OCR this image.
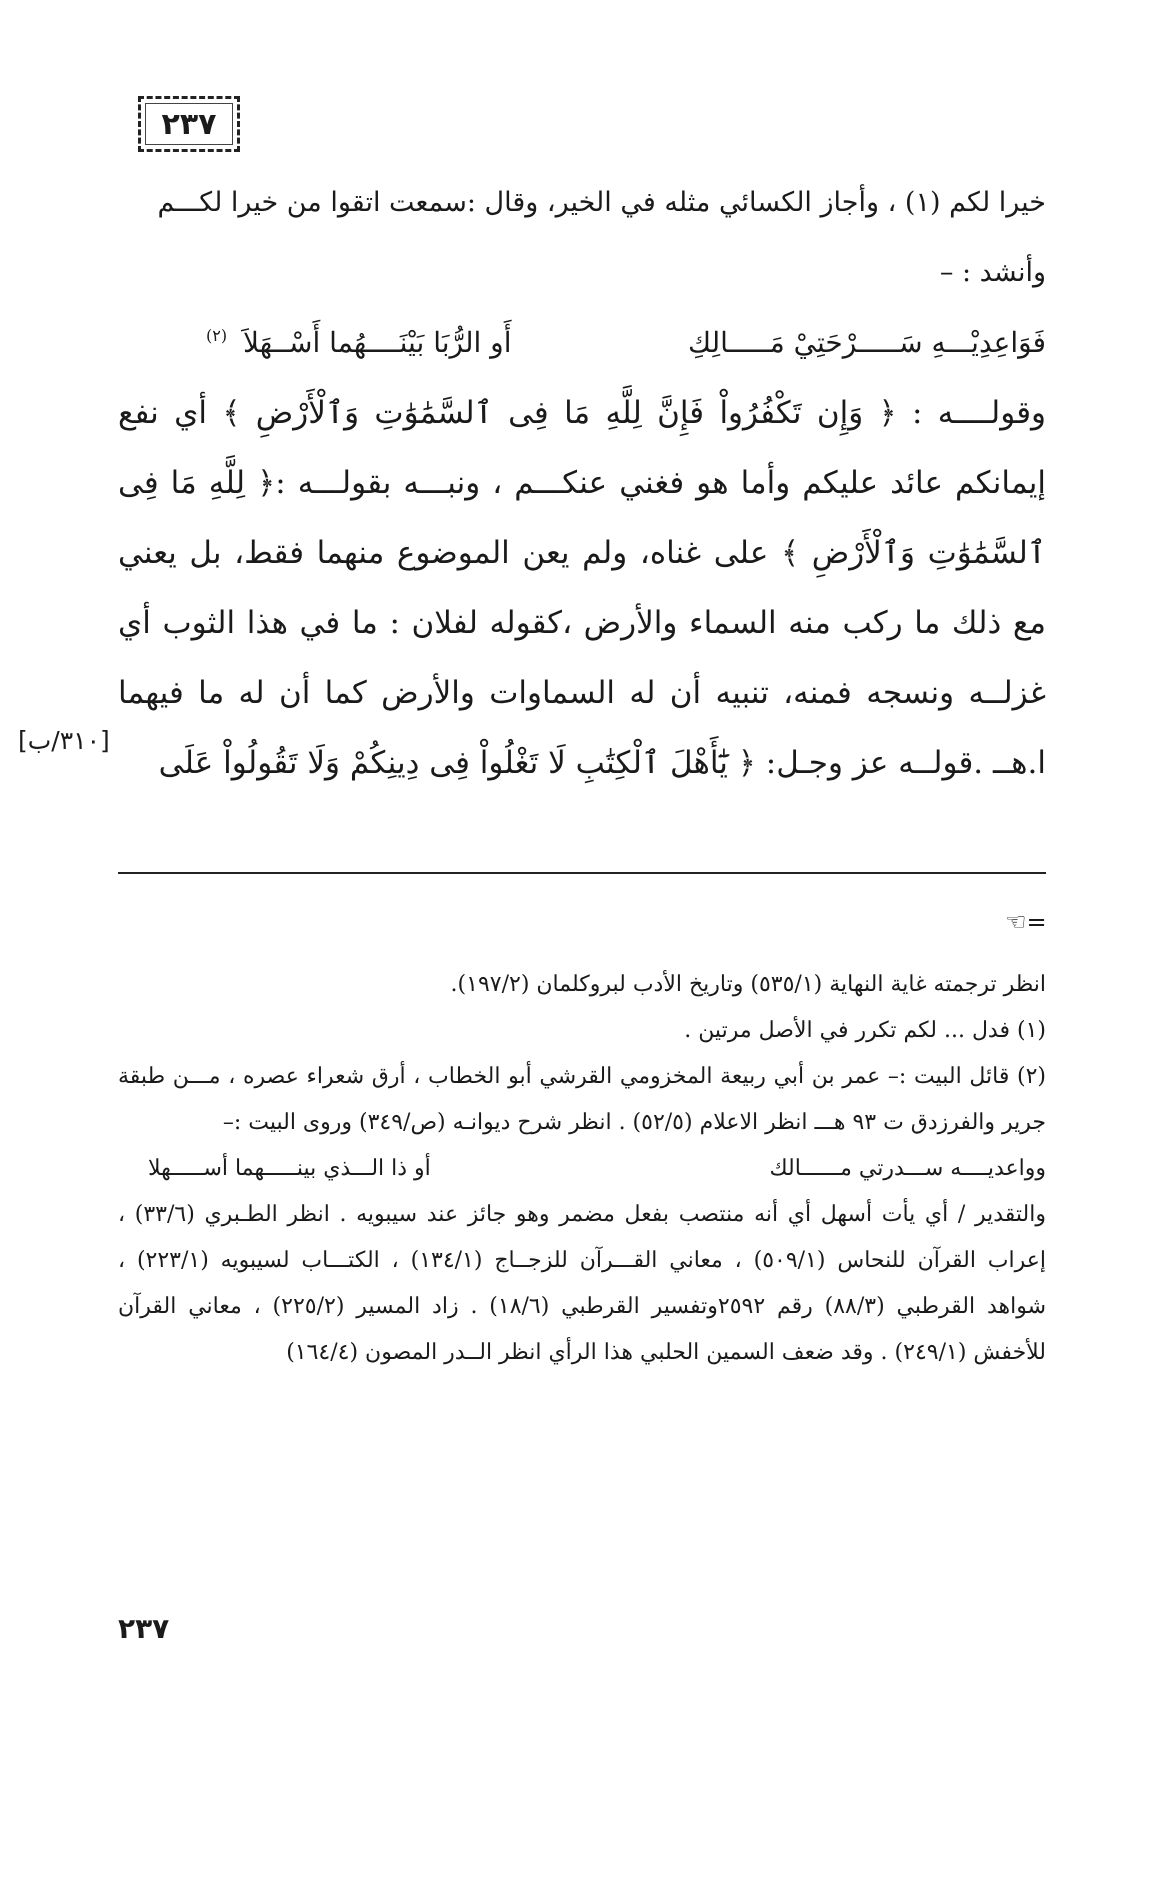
٢٣٧

خيرا لكم (١) ، وأجاز الكسائي مثله في الخير، وقال :سمعت اتقوا من خيرا لكـــم

وأنشد : –

وقولــــه : ﴿ وَإِن تَكْفُرُواْ فَإِنَّ لِلَّهِ مَا فِى ٱلسَّمَٰوَٰتِ وَٱلْأَرْضِ ﴾ أي نفع إيمانكم عائد عليكم وأما هو فغني عنكـــم ، ونبـــه بقولـــه :﴿ لِلَّهِ مَا فِى ٱلسَّمَٰوَٰتِ وَٱلْأَرْضِ ﴾ على غناه، ولم يعن الموضوع منهما فقط، بل يعني مع ذلك ما ركب منه السماء والأرض ،كقوله لفلان : ما في هذا الثوب أي غزلــه ونسجه فمنه، تنبيه أن له السماوات والأرض كما أن له ما فيهما ا.هــ .قولــه عز وجـل: ﴿ يَٰٓأَهْلَ ٱلْكِتَٰبِ لَا تَغْلُواْ فِى دِينِكُمْ وَلَا تَقُولُواْ عَلَى

فَوَاعِدِيْـــهِ سَـــــرْحَتِيْ مَـــــالِكِ
أَو الرُّبَا بَيْنَــــهُما أَسْــهَلاَ
(٢)
[٣١٠/ب]
☜=

انظر ترجمته غاية النهاية (٥٣٥/١) وتاريخ الأدب لبروكلمان (١٩٧/٢).

(١) فدل ... لكم تكرر في الأصل مرتين .

(٢) قائل البيت :– عمر بن أبي ربيعة المخزومي القرشي أبو الخطاب ، أرق شعراء عصره ، مـــن طبقة جرير والفرزدق ت ٩٣ هـــ انظر الاعلام (٥٢/٥) . انظر شرح ديوانـه (ص/٣٤٩) وروى البيت :–

وواعديــــه ســـدرتي مــــــالك
أو ذا الـــذي بينـــــهما أســـــهلا

والتقدير / أي يأت أسهل أي أنه منتصب بفعل مضمر وهو جائز عند سيبويه . انظر الطـبري (٣٣/٦) ، إعراب القرآن للنحاس (٥٠٩/١) ، معاني القـــرآن للزجــاج (١٣٤/١) ، الكتـــاب لسيبويه (٢٢٣/١) ، شواهد القرطبي (٨٨/٣) رقم ٢٥٩٢وتفسير القرطبي (١٨/٦) . زاد المسير (٢٢٥/٢) ، معاني القرآن للأخفش (٢٤٩/١) . وقد ضعف السمين الحلبي هذا الرأي انظر الــدر المصون (١٦٤/٤)

٢٣٧
